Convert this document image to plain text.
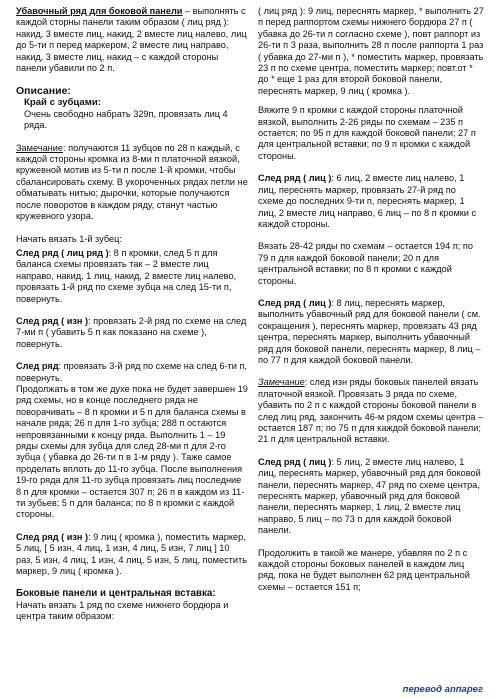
Убавочный ряд для боковой панели – выполнять с каждой сторны панели таким образом ( лиц ряд ): накид, 3 вместе лиц, накид, 2 вместе лиц налево, лиц до 5-ти п перед маркером, 2 вместе лиц направо, накид, 3 вместе лиц, накид – с каждой стороны панели убавили по 2 п.

Описание:
Край с зубцами:

Очень свободно набрать 329п, провязать лиц 4 ряда.

Замечание: получаются 11 зубцов по 28 п каждый, с каждой стороны кромка из 8-ми п платочной вязкой, кружевной мотив из 5-ти п после 1-й кромки, чтобы сбалансировать схему. В укороченных рядах петли не обматывать нитью; дырочки, которые получаются после поворотов в каждом ряду, станут частью кружевного узора.

Начать вязать 1-й зубец:

След ряд ( лиц ряд ): 8 п кромки, след 5 п для баланса схемы провязать так – 2 вместе лиц направо, накид, 1 лиц, накид, 2 вместе лиц налево, провязать 1-й ряд по схеме зубца на след 15-ти п, повернуть.

След ряд ( изн ): провязать 2-й ряд по схеме на след 7-ми п ( убавить 5 п как показано на схеме ), повернуть.

След ряд: провязать 3-й ряд по схеме на след 6-ти п, повернуть.

Продолжать в том же духе пока не будет завершен 19 ряд схемы, но в конце последнего ряда не поворачивать – 8 п кромки и 5 п для баланса схемы в начале ряда; 26 п для 1-го зубца; 288 п остаются непровязанными к концу ряда. Выполнить 1 – 19 ряды схемы для зубца для след 28-ми п для 2-го зубца ( убавка до 26-ти п в 1-м ряду ). Таже самое проделать вплоть до 11-го зубца. После выполнения 19-го ряда для 11-го зубца провязать лиц последние 8 п для кромки – остается 307 п; 26 п в каждом из 11-ти зубьев; 5 п для баланса; по 8 п кромки с каждой стороны.

След ряд ( изн ): 9 лиц ( кромка ), поместить маркер, 5 лиц, [ 5 изн, 4 лиц, 1 изн, 4 лиц, 5 изн, 7 лиц ] 10 раз, 5 изн, 4 лиц, 1 изн, 4 лиц, 5 изн, 5 лиц, поместить маркер, 9 лиц ( кромка ).

Боковые панели и центральная вставка:

Начать вязать 1 ряд по схеме нижнего бордюра и центра таким образом:

( лиц ряд ): 9 лиц, переснять маркер, * выполнить 27 п перед раппортом схемы нижнего бордюра 27 п ( убавка до 26-ти п согласно схеме ), повт раппорт из 26-ти п 3 раза, выполнить 28 п после раппорта 1 раз ( убавка до 27-ми п ), * поместить маркер, провязать 23 п по схеме центра, поместить маркер; повт.от * до * еще 1 раз для второй боковой панели, переснять маркер, 9 лиц ( кромка ).

Вяжите 9 п кромки с каждой стороны платочной вязкой, выполнить 2-26 ряды по схемам – 235 п остается; по 95 п для каждой боковой панели; 27 п для центральной вставки; по 9 п кромки с каждой стороны.

След ряд ( лиц ): 6 лиц, 2 вместе лиц налево, 1 лиц, переснять маркер, провязать 27-й ряд по схеме до последних 9-ти п, переснять маркер, 1 лиц, 2 вместе лиц направо, 6 лиц – по 8 п кромки с каждой стороны.

Вязать 28-42 ряды по схемам – остается 194 п; по 79 п для каждой боковой панели; 20 п для центральной вставки; по 8 п кромки с каждой стороны.

След ряд ( лиц ): 8 лиц, переснять маркер, выполнить убавочный ряд для боковой панели ( см. сокращения ), переснять маркер, провязать 43 ряд центра, переснять маркер, выполнить убавочный ряд для боковой панели, переснять маркер, 8 лиц – по 77 п для каждой боковой панели.

Замечание: след изн ряды боковых панелей вязать платочной вязкой. Провязать 3 ряда по схеме, убавить по 2 п с каждой стороны боковой панели в след лиц ряд, закончить 46-м рядом схемы центра – остается 187 п; по 75 п для каждой боковой панели; 21 п для центральной вставки.

След ряд ( лиц ): 5 лиц, 2 вместе лиц налево, 1 лиц, переснять маркер, убавочный ряд для боковой панели, переснять маркер, 47 ряд по схеме центра, переснять маркер, убавочный ряд для боковой панели, переснять маркер, 1 лиц, 2 вместе лиц направо, 5 лиц – по 73 п для каждой боковой панели.

Продолжить в такой же манере, убавляя по 2 п с каждой стороны боковых панелей в каждом лиц ряд, пока не будет выполнен 62 ряд центральной схемы – остается 151 п;

перевод anпapeг
